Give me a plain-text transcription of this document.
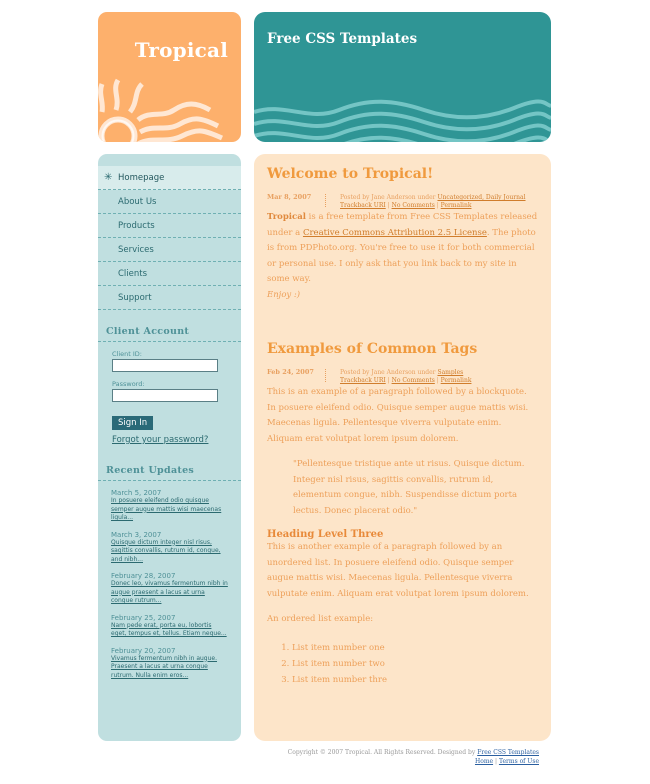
Tropical	Free CSS Templates
✳ Homepage
About Us
Products
Services
Clients
Support
Client Account
Client ID:
Password:
Sign In
Forgot your password?
Recent Updates
March 5, 2007
In posuere eleifend odio quisque semper augue mattis wisi maecenas ligula...
March 3, 2007
Quisque dictum integer nisl risus, sagittis convallis, rutrum id, congue, and nibh...
February 28, 2007
Donec leo, vivamus fermentum nibh in augue praesent a lacus at urna congue rutrum...
February 25, 2007
Nam pede erat, porta eu, lobortis eget, tempus et, tellus. Etiam neque...
February 20, 2007
Vivamus fermentum nibh in augue. Praesent a lacus at urna congue rutrum. Nulla enim eros...
Welcome to Tropical!
Mar 8, 2007	Posted by Jane Anderson under Uncategorized, Daily Journal
Trackback URI | No Comments | Permalink

Tropical is a free template from Free CSS Templates released under a Creative Commons Attribution 2.5 License. The photo is from PDPhoto.org. You're free to use it for both commercial or personal use. I only ask that you link back to my site in some way.
Enjoy :)

Examples of Common Tags
Feb 24, 2007	Posted by Jane Anderson under Samples
Trackback URI | No Comments | Permalink

This is an example of a paragraph followed by a blockquote. In posuere eleifend odio. Quisque semper augue mattis wisi. Maecenas ligula. Pellentesque viverra vulputate enim. Aliquam erat volutpat lorem ipsum dolorem.

"Pellentesque tristique ante ut risus. Quisque dictum. Integer nisl risus, sagittis convallis, rutrum id, elementum congue, nibh. Suspendisse dictum porta lectus. Donec placerat odio."
Heading Level Three

This is another example of a paragraph followed by an unordered list. In posuere eleifend odio. Quisque semper augue mattis wisi. Maecenas ligula. Pellentesque viverra vulputate enim. Aliquam erat volutpat lorem ipsum dolorem.

An ordered list example:

1. List item number one
2. List item number two
3. List item number thre
Copyright © 2007 Tropical. All Rights Reserved. Designed by Free CSS Templates
Home | Terms of Use
